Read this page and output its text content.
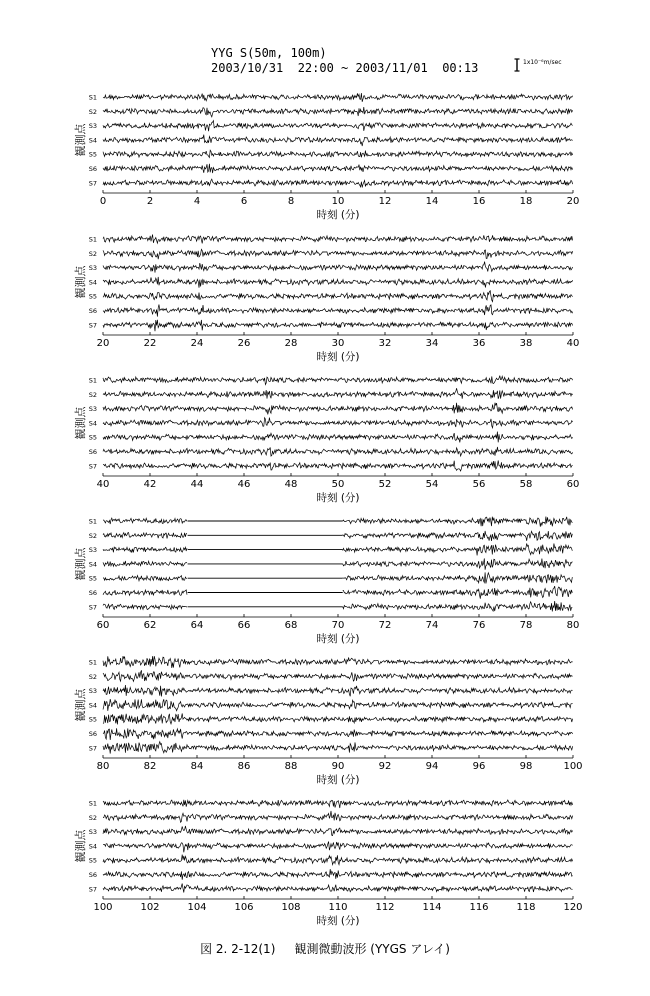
YYG S(50m, 100m)
2003/10/31  22:00 ~ 2003/11/01  00:13	1x10⁻⁶m/sec
観測点
S1
S2
S3
S4
S5
S6
S7
0	2	4	6	8	10	12	14	16	18	20
時刻 (分)
観測点
S1
S2
S3
S4
S5
S6
S7
20	22	24	26	28	30	32	34	36	38	40
時刻 (分)
観測点
S1
S2
S3
S4
S5
S6
S7
40	42	44	46	48	50	52	54	56	58	60
時刻 (分)
観測点
S1
S2
S3
S4
S5
S6
S7
60	62	64	66	68	70	72	74	76	78	80
時刻 (分)
観測点
S1
S2
S3
S4
S5
S6
S7
80	82	84	86	88	90	92	94	96	98	100
時刻 (分)
観測点
S1
S2
S3
S4
S5
S6
S7
100	102	104	106	108	110	112	114	116	118	120
時刻 (分)
図 2. 2-12(1)     観測微動波形 (YYGS アレイ)
